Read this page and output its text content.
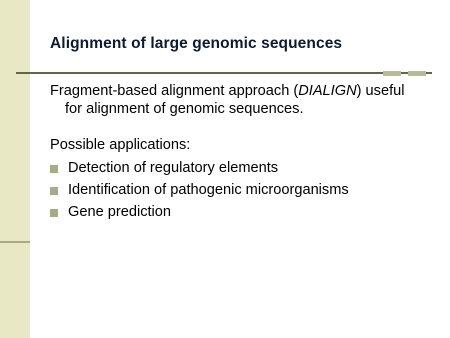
Alignment of large genomic sequences

Fragment-based alignment approach (DIALIGN) useful
for alignment of genomic sequences.

Possible applications:

Detection of regulatory elements
Identification of pathogenic microorganisms
Gene prediction
